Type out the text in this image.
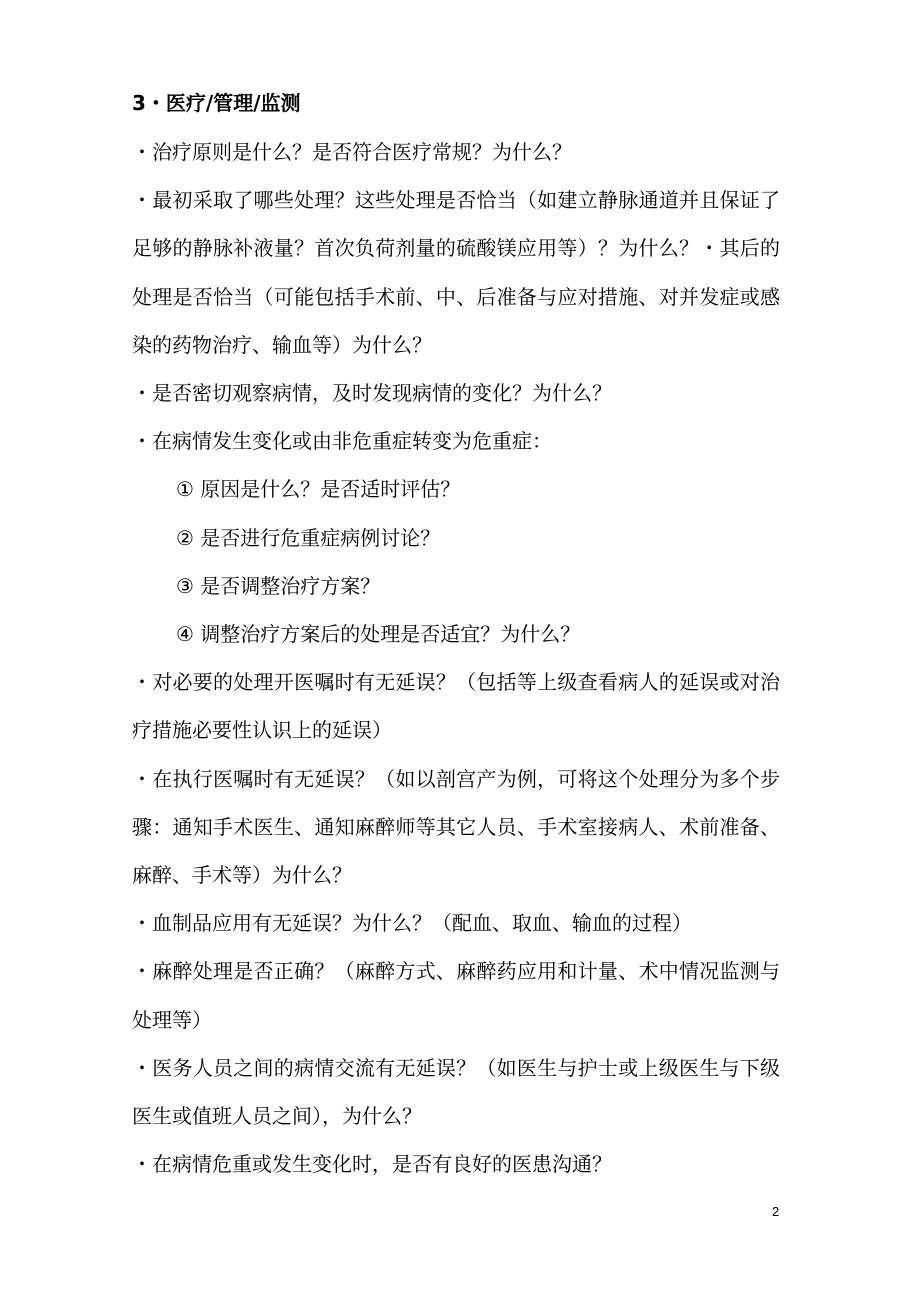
3・医疗/管理/监测

・治疗原则是什么？是否符合医疗常规？为什么？

・最初采取了哪些处理？这些处理是否恰当（如建立静脉通道并且保证了足够的静脉补液量？首次负荷剂量的硫酸镁应用等）？为什么？・其后的处理是否恰当（可能包括手术前、中、后准备与应对措施、对并发症或感染的药物治疗、输血等）为什么？

・是否密切观察病情，及时发现病情的变化？为什么？

・在病情发生变化或由非危重症转变为危重症：

① 原因是什么？是否适时评估？

② 是否进行危重症病例讨论？

③ 是否调整治疗方案？

④ 调整治疗方案后的处理是否适宜？为什么？

・对必要的处理开医嘱时有无延误？（包括等上级查看病人的延误或对治疗措施必要性认识上的延误）

・在执行医嘱时有无延误？（如以剖宫产为例，可将这个处理分为多个步骤：通知手术医生、通知麻醉师等其它人员、手术室接病人、术前准备、麻醉、手术等）为什么？

・血制品应用有无延误？为什么？（配血、取血、输血的过程）

・麻醉处理是否正确？（麻醉方式、麻醉药应用和计量、术中情况监测与处理等）

・医务人员之间的病情交流有无延误？（如医生与护士或上级医生与下级医生或值班人员之间），为什么？

・在病情危重或发生变化时，是否有良好的医患沟通？

2
